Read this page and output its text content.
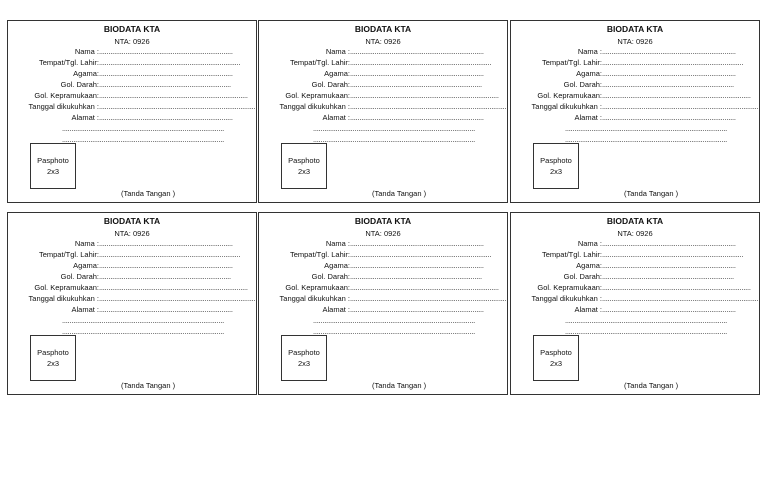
BIODATA KTA
NTA: 0926
Nama : .......................................................................
Tempat/Tgl. Lahir: ...........................................................................
Agama: .......................................................................
Gol. Darah: ......................................................................
Gol. Kepramukaan: ...............................................................................
Tanggal dikukuhkan : ...................................................................................
Alamat : .......................................................................
......................................................................................
......................................................................................
Pasphoto
2x3
(Tanda Tangan )
BIODATA KTA
NTA: 0926
Nama : .......................................................................
Tempat/Tgl. Lahir: ...........................................................................
Agama: .......................................................................
Gol. Darah: ......................................................................
Gol. Kepramukaan: ...............................................................................
Tanggal dikukuhkan : ...................................................................................
Alamat : .......................................................................
......................................................................................
......................................................................................
Pasphoto
2x3
(Tanda Tangan )
BIODATA KTA
NTA: 0926
Nama : .......................................................................
Tempat/Tgl. Lahir: ...........................................................................
Agama: .......................................................................
Gol. Darah: ......................................................................
Gol. Kepramukaan: ...............................................................................
Tanggal dikukuhkan : ...................................................................................
Alamat : .......................................................................
......................................................................................
......................................................................................
Pasphoto
2x3
(Tanda Tangan )
BIODATA KTA
NTA: 0926
Nama : .......................................................................
Tempat/Tgl. Lahir: ...........................................................................
Agama: .......................................................................
Gol. Darah: ......................................................................
Gol. Kepramukaan: ...............................................................................
Tanggal dikukuhkan : ...................................................................................
Alamat : .......................................................................
......................................................................................
......................................................................................
Pasphoto
2x3
(Tanda Tangan )
BIODATA KTA
NTA: 0926
Nama : .......................................................................
Tempat/Tgl. Lahir: ...........................................................................
Agama: .......................................................................
Gol. Darah: ......................................................................
Gol. Kepramukaan: ...............................................................................
Tanggal dikukuhkan : ...................................................................................
Alamat : .......................................................................
......................................................................................
......................................................................................
Pasphoto
2x3
(Tanda Tangan )
BIODATA KTA
NTA: 0926
Nama : .......................................................................
Tempat/Tgl. Lahir: ...........................................................................
Agama: .......................................................................
Gol. Darah: ......................................................................
Gol. Kepramukaan: ...............................................................................
Tanggal dikukuhkan : ...................................................................................
Alamat : .......................................................................
......................................................................................
......................................................................................
Pasphoto
2x3
(Tanda Tangan )
